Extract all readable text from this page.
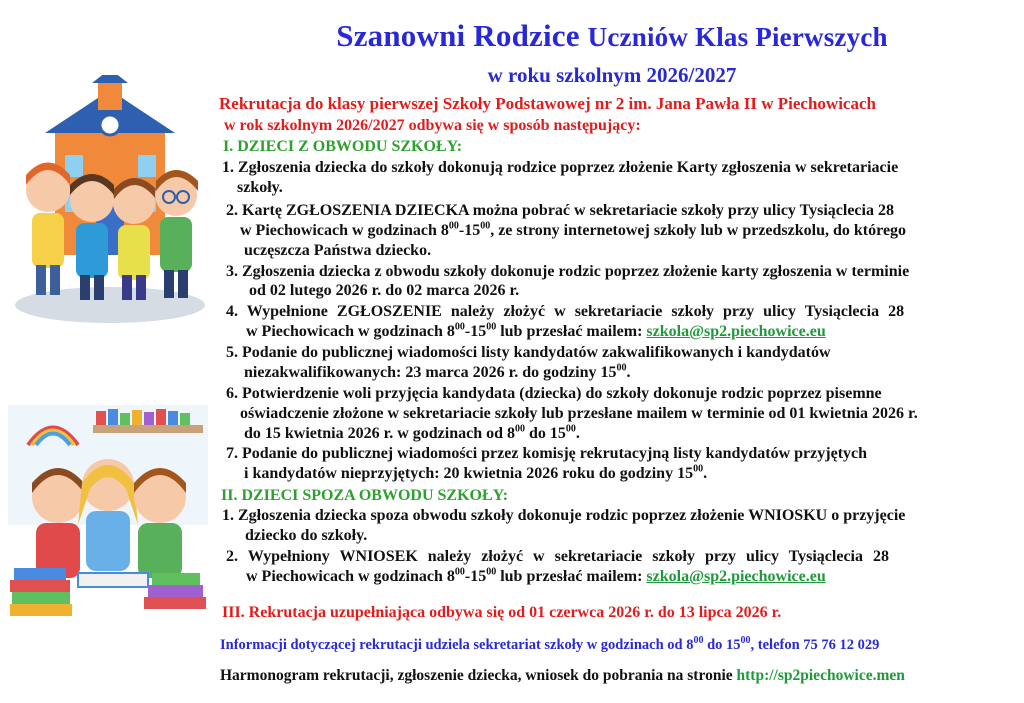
Szanowni Rodzice Uczniów Klas Pierwszych
w roku szkolnym 2026/2027
Rekrutacja do klasy pierwszej Szkoły Podstawowej nr 2 im. Jana Pawła II w Piechowicach
w rok szkolnym 2026/2027 odbywa się w sposób następujący:
I. DZIECI Z OBWODU SZKOŁY:
1. Zgłoszenia dziecka do szkoły dokonują rodzice poprzez złożenie Karty zgłoszenia w sekretariacie
szkoły.
2. Kartę ZGŁOSZENIA DZIECKA można pobrać w sekretariacie szkoły przy ulicy Tysiąclecia 28
w Piechowicach w godzinach $8^{00}-15^{00}$, ze strony internetowej szkoły lub w przedszkolu, do którego
uczęszcza Państwa dziecko.
3. Zgłoszenia dziecka z obwodu szkoły dokonuje rodzic poprzez złożenie karty zgłoszenia w terminie
od 02 lutego 2026 r. do 02 marca 2026 r.
4. Wypełnione ZGŁOSZENIE należy złożyć w sekretariacie szkoły przy ulicy Tysiąclecia 28
w Piechowicach w godzinach $8^{00}-15^{00}$ lub przesłać mailem: szkola@sp2.piechowice.eu
5. Podanie do publicznej wiadomości listy kandydatów zakwalifikowanych i kandydatów
niezakwalifikowanych: 23 marca 2026 r. do godziny $15^{00}$.
6. Potwierdzenie woli przyjęcia kandydata (dziecka) do szkoły dokonuje rodzic poprzez pisemne
oświadczenie złożone w sekretariacie szkoły lub przesłane mailem w terminie od 01 kwietnia 2026 r.
do 15 kwietnia 2026 r. w godzinach od $8^{00}$ do $15^{00}$.
7. Podanie do publicznej wiadomości przez komisję rekrutacyjną listy kandydatów przyjętych
i kandydatów nieprzyjętych: 20 kwietnia 2026 roku do godziny $15^{00}$.
II. DZIECI SPOZA OBWODU SZKOŁY:
1. Zgłoszenia dziecka spoza obwodu szkoły dokonuje rodzic poprzez złożenie WNIOSKU o przyjęcie
dziecko do szkoły.
2. Wypełniony WNIOSEK należy złożyć w sekretariacie szkoły przy ulicy Tysiąclecia 28
w Piechowicach w godzinach $8^{00}-15^{00}$ lub przesłać mailem: szkola@sp2.piechowice.eu
III. Rekrutacja uzupełniająca odbywa się od 01 czerwca 2026 r. do 13 lipca 2026 r.
Informacji dotyczącej rekrutacji udziela sekretariat szkoły w godzinach od $8^{00}$ do $15^{00}$, telefon 75 76 12 029
Harmonogram rekrutacji, zgłoszenie dziecka, wniosek do pobrania na stronie http://sp2piechowice.men
